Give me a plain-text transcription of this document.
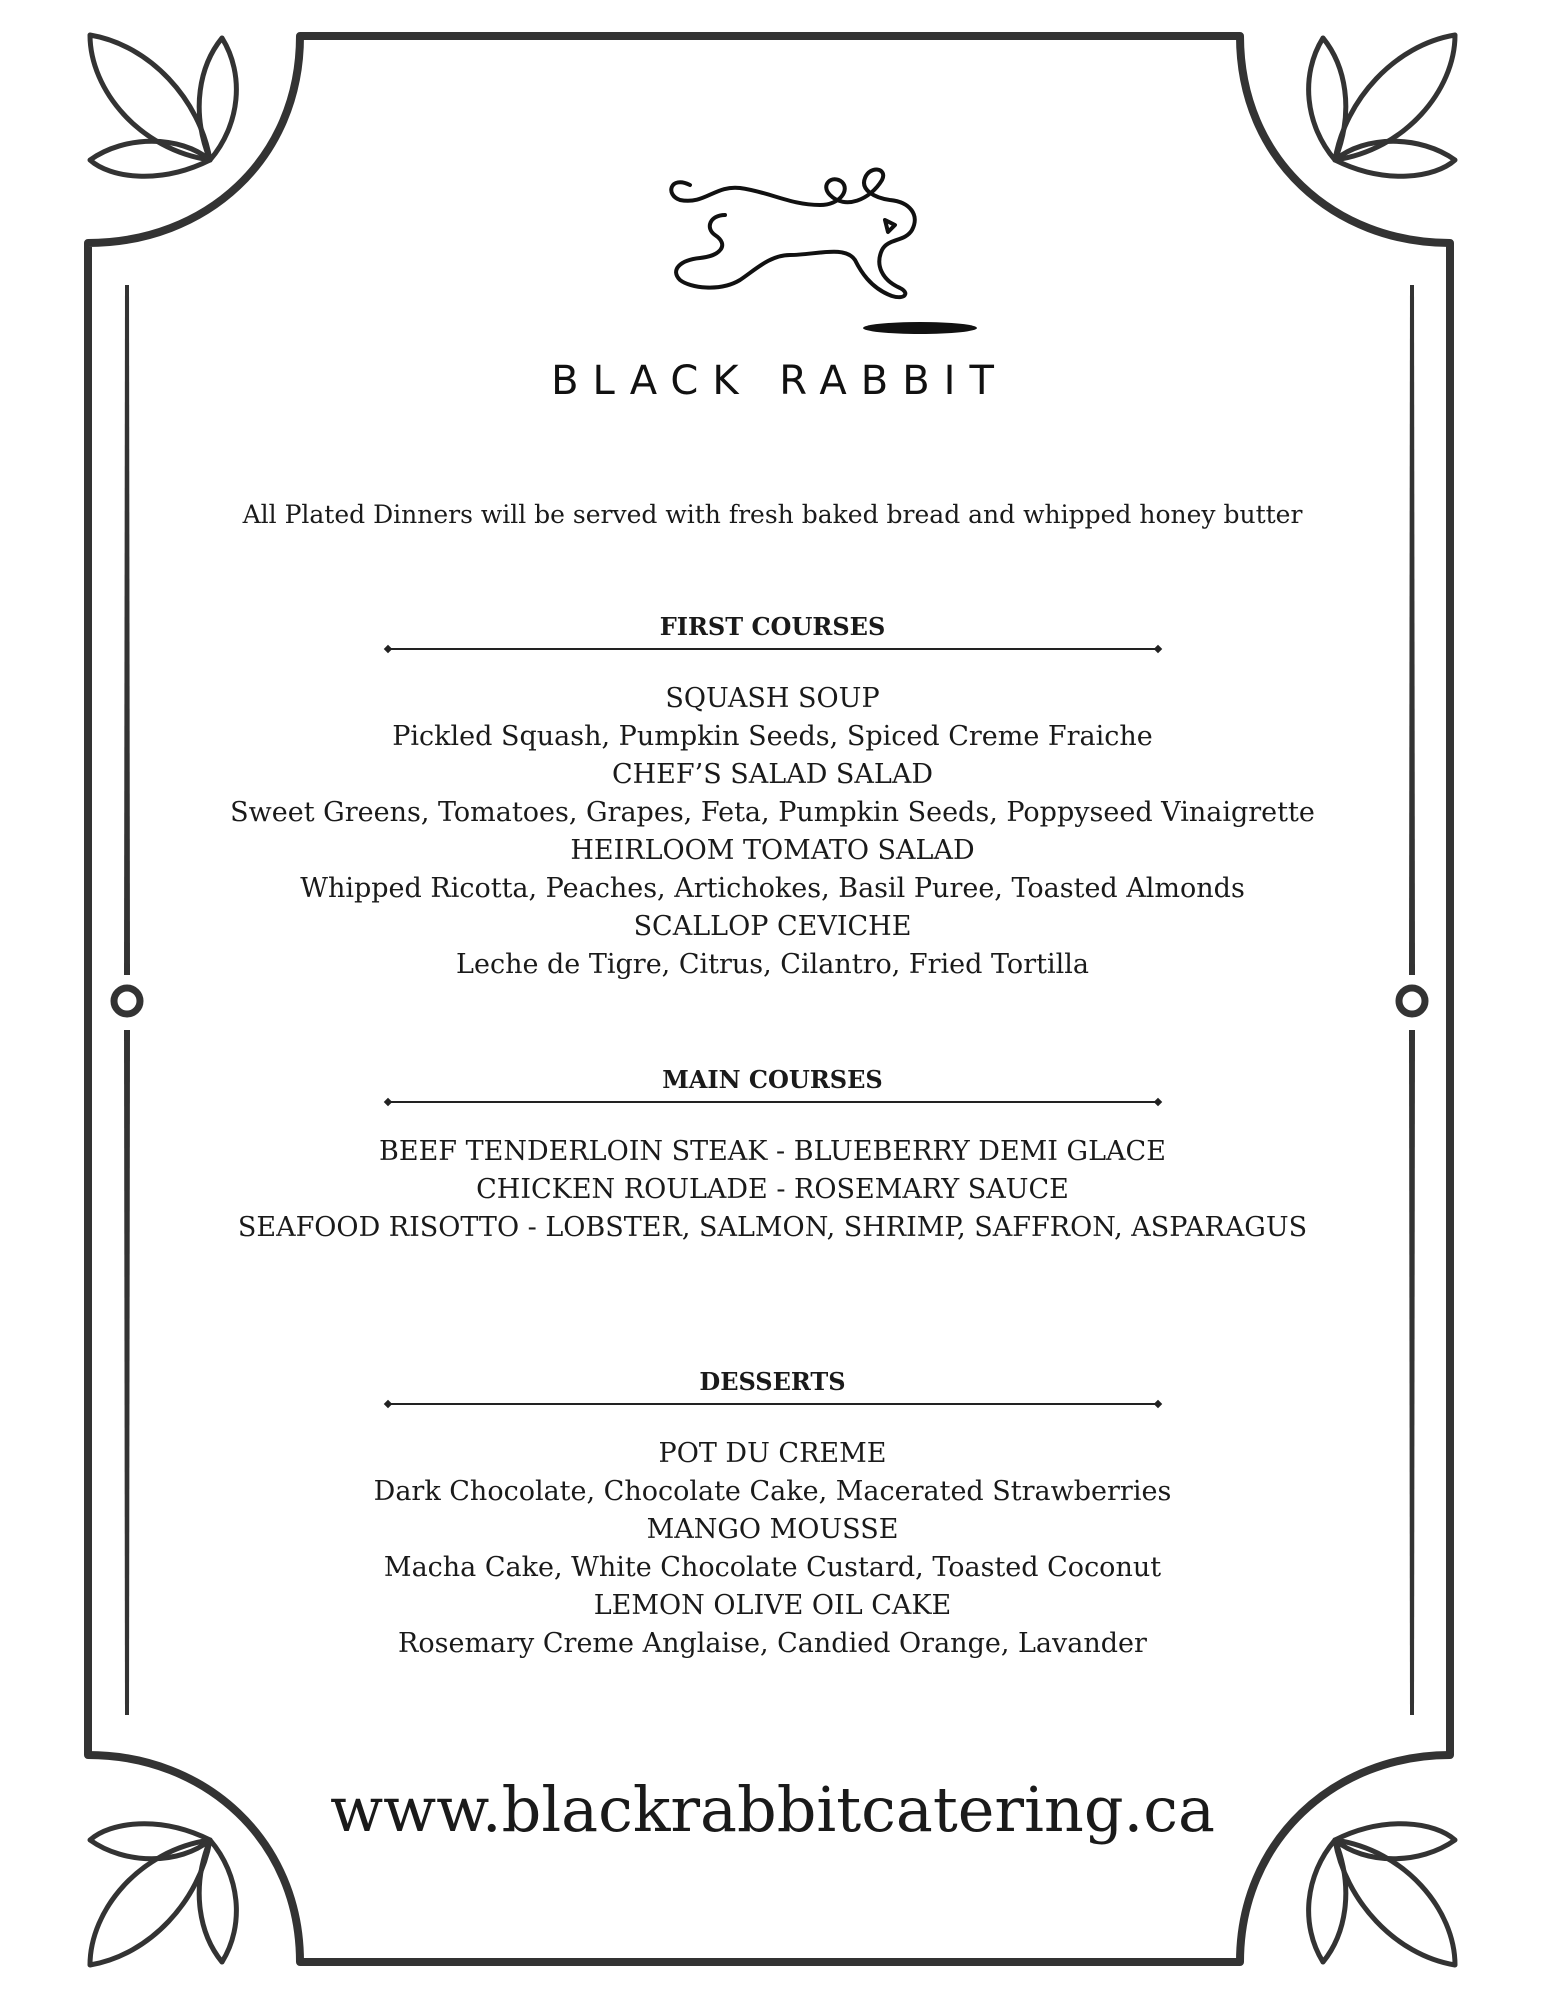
BLACK RABBIT
All Plated Dinners will be served with fresh baked bread and whipped honey butter
FIRST COURSES
SQUASH SOUP
Pickled Squash, Pumpkin Seeds, Spiced Creme Fraiche
CHEF’S SALAD SALAD
Sweet Greens, Tomatoes, Grapes, Feta, Pumpkin Seeds, Poppyseed Vinaigrette
HEIRLOOM TOMATO SALAD
Whipped Ricotta, Peaches, Artichokes, Basil Puree, Toasted Almonds
SCALLOP CEVICHE
Leche de Tigre, Citrus, Cilantro, Fried Tortilla
MAIN COURSES
BEEF TENDERLOIN STEAK - BLUEBERRY DEMI GLACE
CHICKEN ROULADE - ROSEMARY SAUCE
SEAFOOD RISOTTO - LOBSTER, SALMON, SHRIMP, SAFFRON, ASPARAGUS
DESSERTS
POT DU CREME
Dark Chocolate, Chocolate Cake, Macerated Strawberries
MANGO MOUSSE
Macha Cake, White Chocolate Custard, Toasted Coconut
LEMON OLIVE OIL CAKE
Rosemary Creme Anglaise, Candied Orange, Lavander
www.blackrabbitcatering.ca
